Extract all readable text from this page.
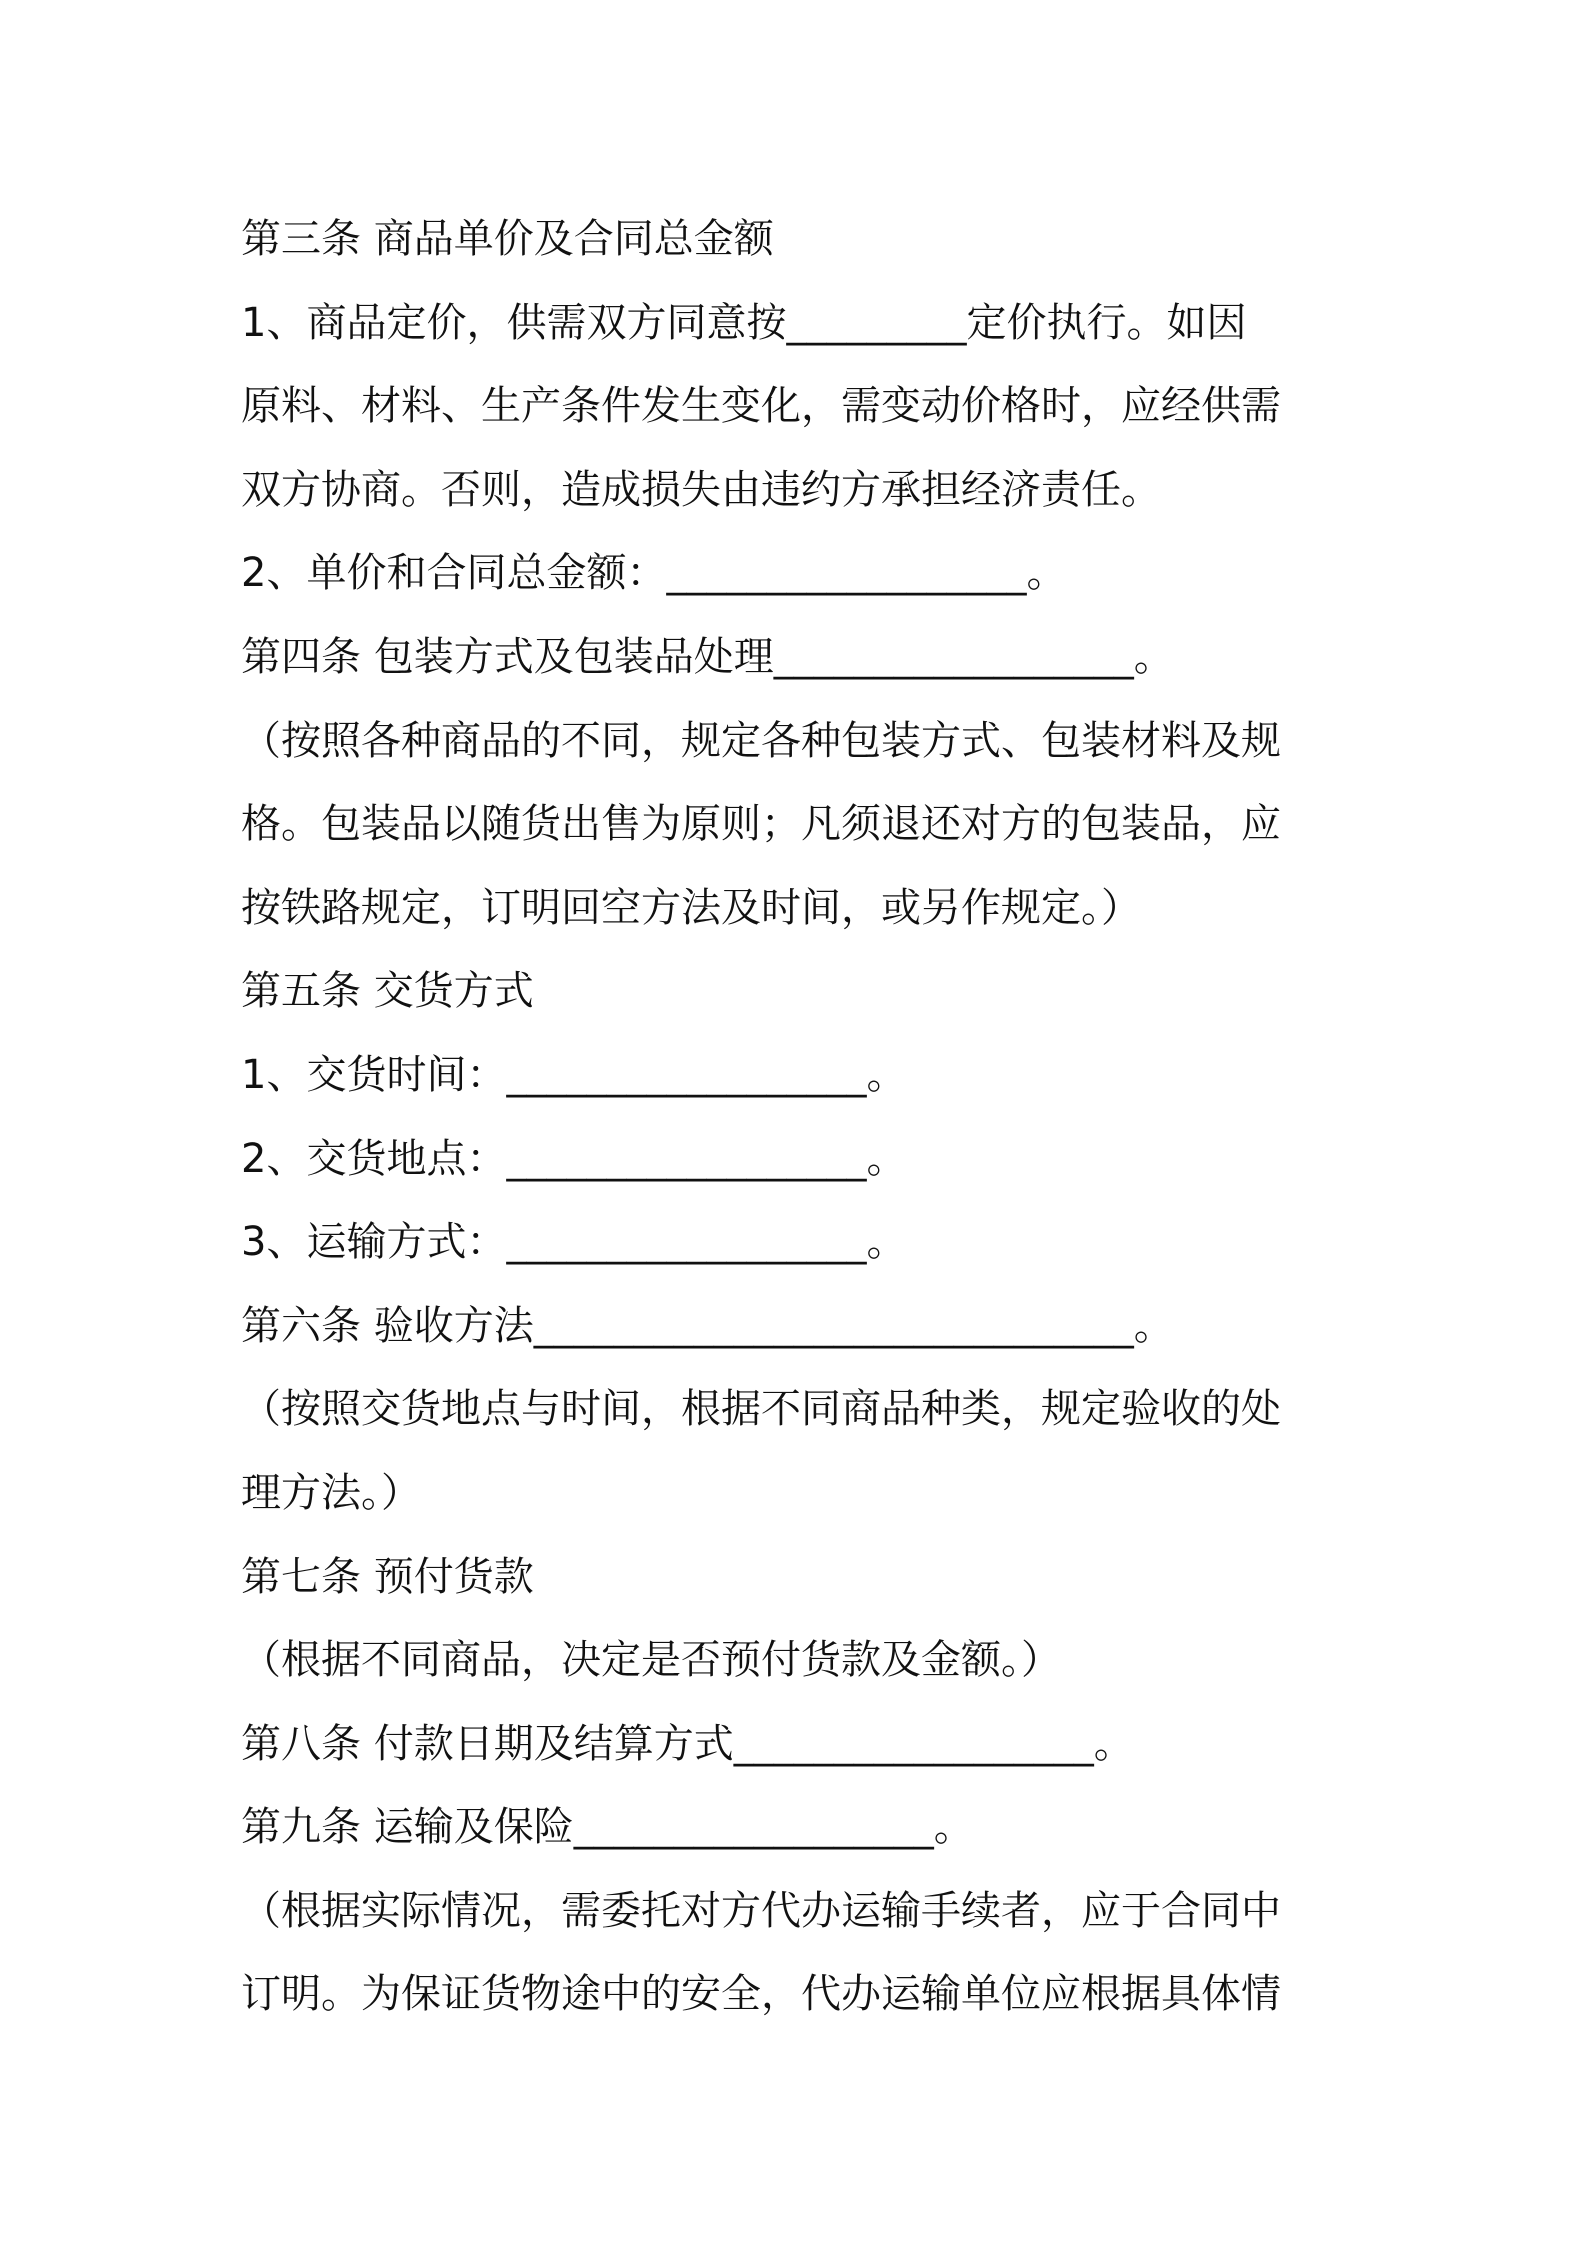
第三条 商品单价及合同总金额
1、商品定价，供需双方同意按_________定价执行。如因
原料、材料、生产条件发生变化，需变动价格时，应经供需
双方协商。否则，造成损失由违约方承担经济责任。
2、单价和合同总金额：__________________。
第四条 包装方式及包装品处理__________________。
（按照各种商品的不同，规定各种包装方式、包装材料及规
格。包装品以随货出售为原则；凡须退还对方的包装品，应
按铁路规定，订明回空方法及时间，或另作规定。）
第五条 交货方式
1、交货时间：__________________。
2、交货地点：__________________。
3、运输方式：__________________。
第六条 验收方法______________________________。
（按照交货地点与时间，根据不同商品种类，规定验收的处
理方法。）
第七条 预付货款
（根据不同商品，决定是否预付货款及金额。）
第八条 付款日期及结算方式__________________。
第九条 运输及保险__________________。
（根据实际情况，需委托对方代办运输手续者，应于合同中
订明。为保证货物途中的安全，代办运输单位应根据具体情
